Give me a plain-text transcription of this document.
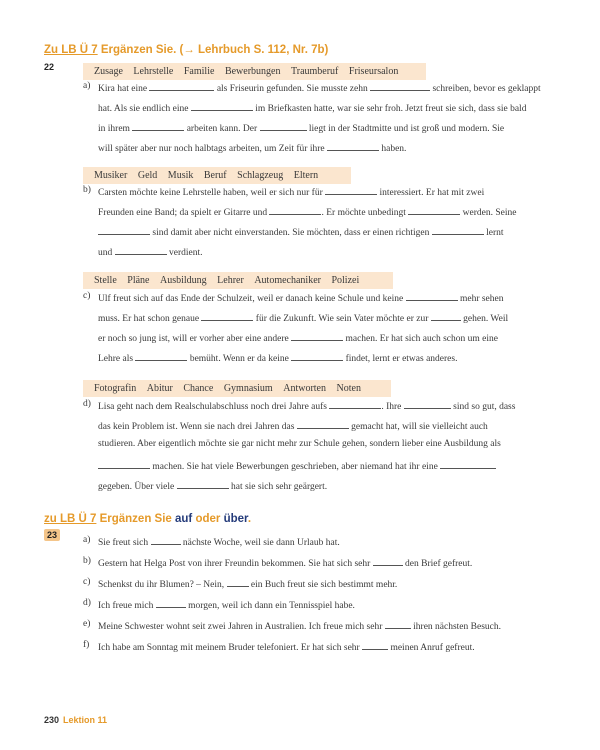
Zu LB Ü 7 Ergänzen Sie. (→ Lehrbuch S. 112, Nr. 7b)
22	Zusage Lehrstelle Familie Bewerbungen Traumberuf Friseursalon
a) Kira hat eine	als Friseurin gefunden. Sie musste zehn	schreiben, bevor es geklappt
hat. Als sie endlich eine	im Briefkasten hatte, war sie sehr froh. Jetzt freut sie sich, dass sie bald
in ihrem	arbeiten kann. Der	liegt in der Stadtmitte und ist groß und modern. Sie
will später aber nur noch halbtags arbeiten, um Zeit für ihre	haben.
Musiker Geld Musik Beruf Schlagzeug Eltern
b) Carsten möchte keine Lehrstelle haben, weil er sich nur für	interessiert. Er hat mit zwei
Freunden eine Band; da spielt er Gitarre und	. Er möchte unbedingt	werden. Seine
sind damit aber nicht einverstanden. Sie möchten, dass er einen richtigen	lernt
und	verdient.
Stelle Pläne Ausbildung Lehrer Automechaniker Polizei
c) Ulf freut sich auf das Ende der Schulzeit, weil er danach keine Schule und keine	mehr sehen
muss. Er hat schon genaue	für die Zukunft. Wie sein Vater möchte er zur	gehen. Weil
er noch so jung ist, will er vorher aber eine andere	machen. Er hat sich auch schon um eine
Lehre als	bemüht. Wenn er da keine	findet, lernt er etwas anderes.
Fotografin Abitur Chance Gymnasium Antworten Noten
d) Lisa geht nach dem Realschulabschluss noch drei Jahre aufs	. Ihre	sind so gut, dass
das kein Problem ist. Wenn sie nach drei Jahren das	gemacht hat, will sie vielleicht auch
studieren. Aber eigentlich möchte sie gar nicht mehr zur Schule gehen, sondern lieber eine Ausbildung als
machen. Sie hat viele Bewerbungen geschrieben, aber niemand hat ihr eine
gegeben. Über viele	hat sie sich sehr geärgert.
zu LB Ü 7 Ergänzen Sie auf oder über.
23	a) Sie freut sich	nächste Woche, weil sie dann Urlaub hat.
b) Gestern hat Helga Post von ihrer Freundin bekommen. Sie hat sich sehr	den Brief gefreut.
c) Schenkst du ihr Blumen? – Nein,  ein Buch freut sie sich bestimmt mehr.
d) Ich freue mich	morgen, weil ich dann ein Tennisspiel habe.
e) Meine Schwester wohnt seit zwei Jahren in Australien. Ich freue mich sehr	ihren nächsten Besuch.
f) Ich habe am Sonntag mit meinem Bruder telefoniert. Er hat sich sehr	meinen Anruf gefreut.
230 Lektion 11
